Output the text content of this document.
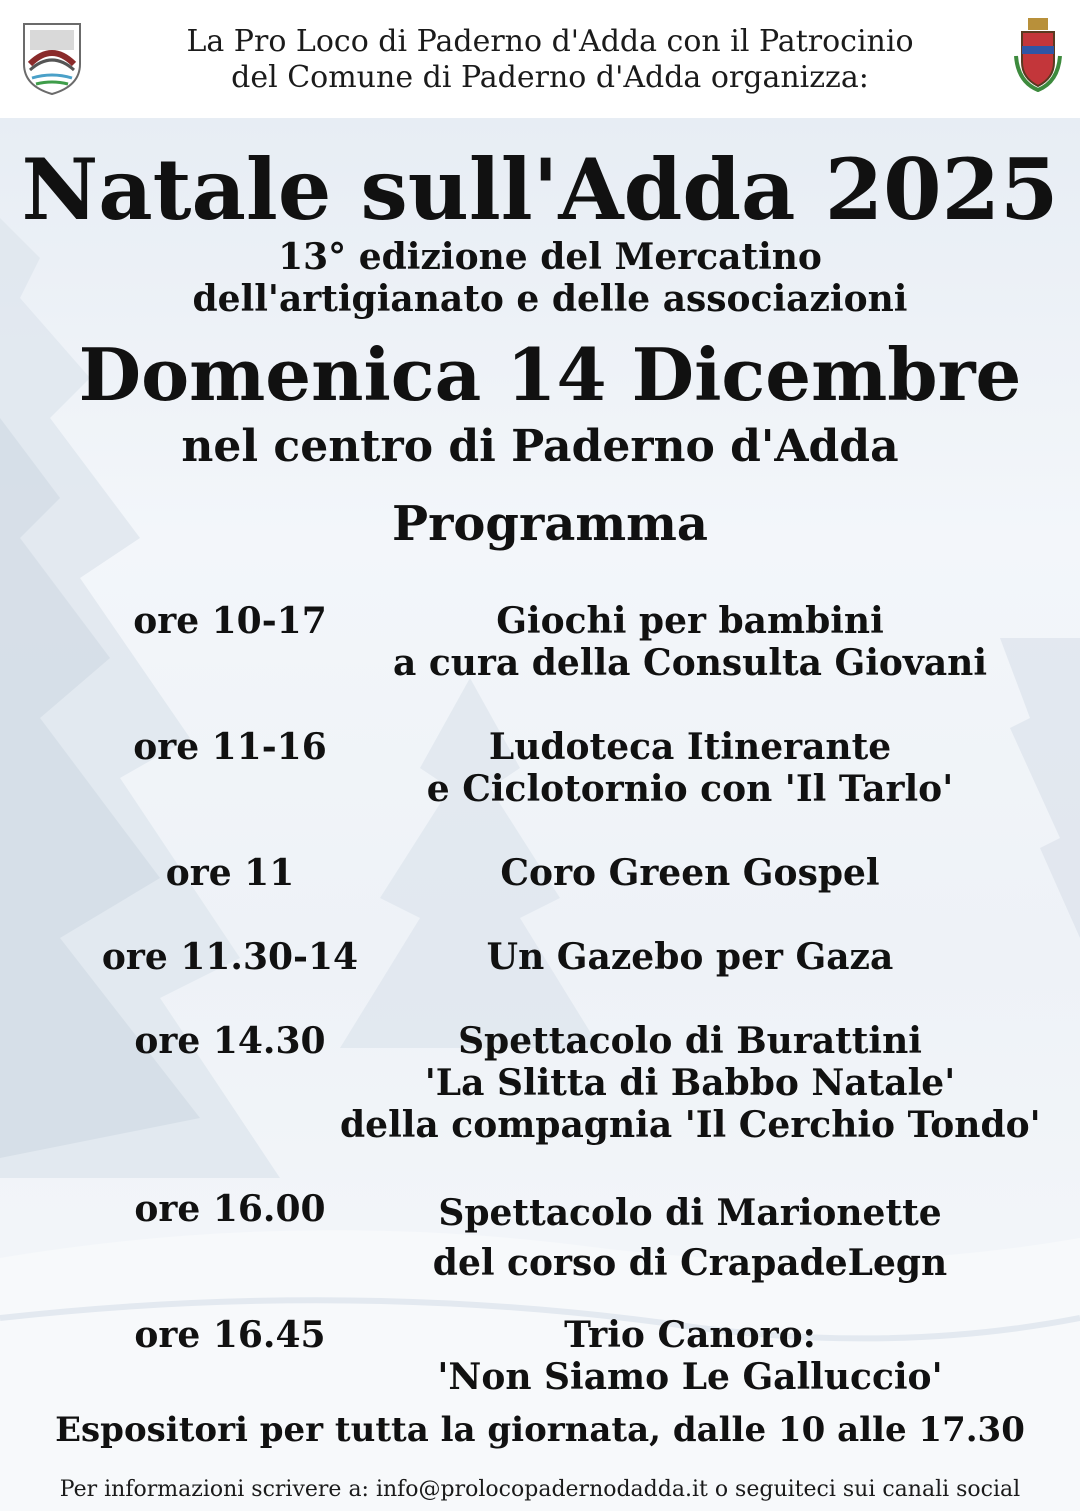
La Pro Loco di Paderno d'Adda con il Patrocinio
del Comune di Paderno d'Adda organizza:
Natale sull'Adda 2025
13° edizione del Mercatino
dell'artigianato e delle associazioni
Domenica 14 Dicembre
nel centro di Paderno d'Adda
Programma
ore 10-17	Giochi per bambini
a cura della Consulta Giovani
ore 11-16	Ludoteca Itinerante
e Ciclotornio con 'Il Tarlo'
ore 11	Coro Green Gospel
ore 11.30-14	Un Gazebo per Gaza
ore 14.30	Spettacolo di Burattini
'La Slitta di Babbo Natale'
della compagnia 'Il Cerchio Tondo'
ore 16.00	Spettacolo di Marionette
del corso di CrapadeLegn
ore 16.45	Trio Canoro:
'Non Siamo Le Galluccio'
Espositori per tutta la giornata, dalle 10 alle 17.30
Per informazioni scrivere a: info@prolocopadernodadda.it o seguiteci sui canali social
